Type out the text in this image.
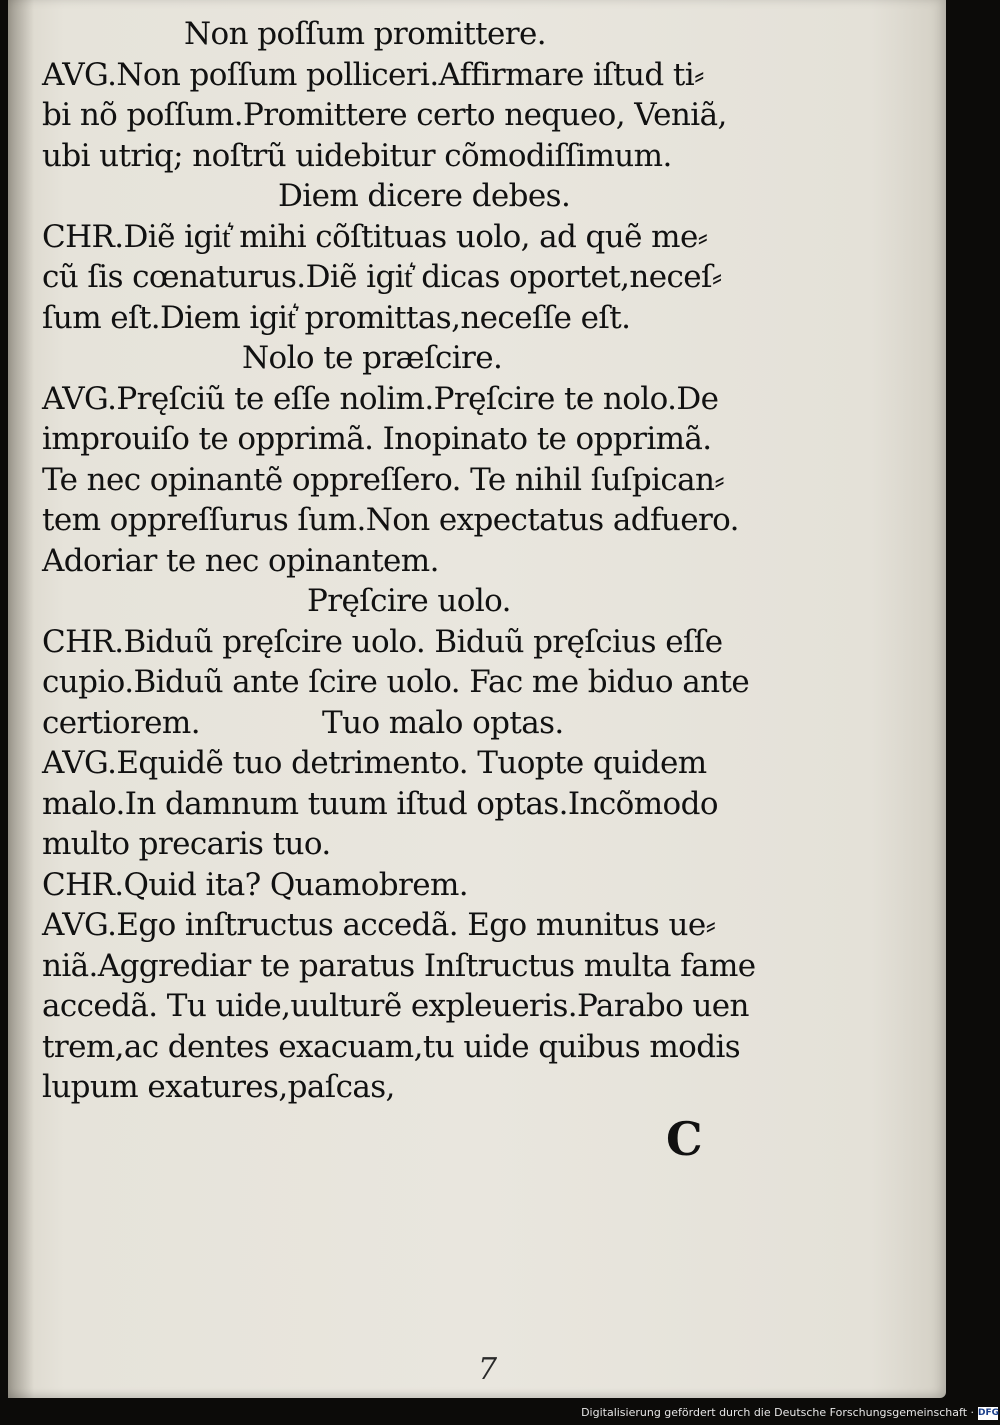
Non poſſum promittere.
AVG.Non poſſum polliceri.Affirmare iſtud ti⸗
bi nõ poſſum.Promittere certo nequeo, Veniã,
ubi utriq; noſtrũ uidebitur cõmodiſſimum.
Diem dicere debes.
CHR.Diẽ igit͛ mihi cõſtituas uolo, ad quẽ me⸗
cũ ſis cœnaturus.Diẽ igit͛ dicas oportet,neceſ⸗
ſum eſt.Diem igit͛ promittas,neceſſe eſt.
Nolo te præſcire.
AVG.Pręſciũ te eſſe nolim.Pręſcire te nolo.De
improuiſo te opprimã. Inopinato te opprimã.
Te nec opinantẽ oppreſſero. Te nihil ſuſpican⸗
tem oppreſſurus ſum.Non expectatus adfuero.
Adoriar te nec opinantem.
Pręſcire uolo.
CHR.Biduũ pręſcire uolo. Biduũ pręſcius eſſe
cupio.Biduũ ante ſcire uolo. Fac me biduo ante
certiorem.	Tuo malo optas.
AVG.Equidẽ tuo detrimento. Tuopte quidem
malo.In damnum tuum iſtud optas.Incõmodo
multo precaris tuo.
CHR.Quid ita? Quamobrem.
AVG.Ego inſtructus accedã. Ego munitus ue⸗
niã.Aggrediar te paratus Inſtructus multa fame
accedã. Tu uide,uulturẽ expleueris.Parabo uen
trem,ac dentes exacuam,tu uide quibus modis
lupum exatures,paſcas,
C
7
Digitalisierung gefördert durch die Deutsche Forschungsgemeinschaft · DFG
